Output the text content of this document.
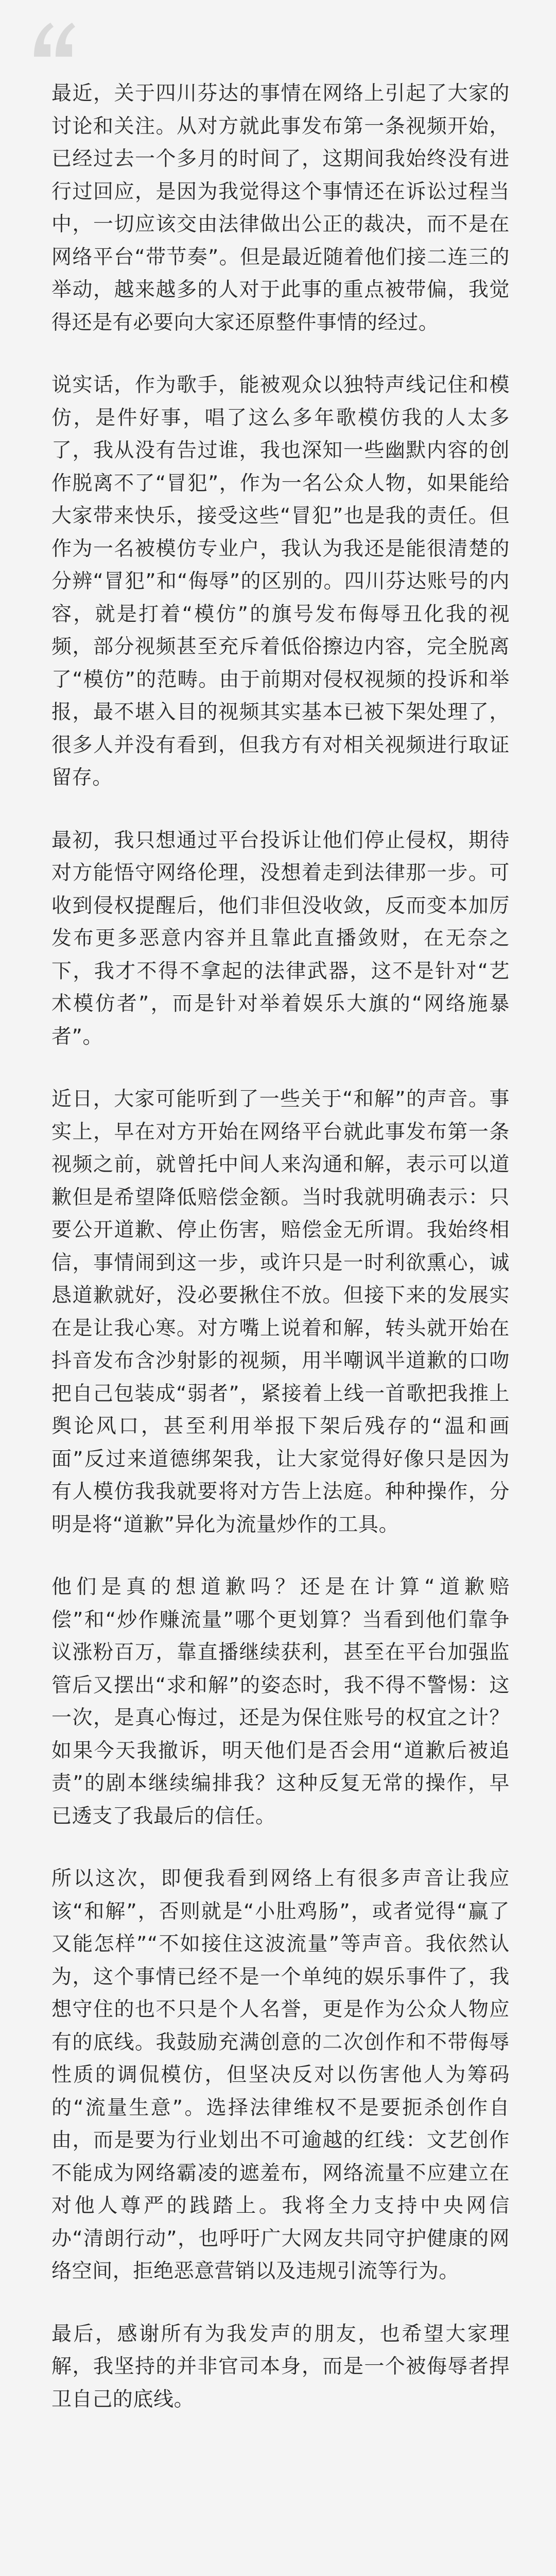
最近，关于四川芬达的事情在网络上引起了大家的讨论和关注。从对方就此事发布第一条视频开始，已经过去一个多月的时间了，这期间我始终没有进行过回应，是因为我觉得这个事情还在诉讼过程当中，一切应该交由法律做出公正的裁决，而不是在网络平台“带节奏”。但是最近随着他们接二连三的举动，越来越多的人对于此事的重点被带偏，我觉得还是有必要向大家还原整件事情的经过。

说实话，作为歌手，能被观众以独特声线记住和模仿，是件好事，唱了这么多年歌模仿我的人太多了，我从没有告过谁，我也深知一些幽默内容的创作脱离不了“冒犯”，作为一名公众人物，如果能给大家带来快乐，接受这些“冒犯”也是我的责任。但作为一名被模仿专业户，我认为我还是能很清楚的分辨“冒犯”和“侮辱”的区别的。四川芬达账号的内容，就是打着“模仿”的旗号发布侮辱丑化我的视频，部分视频甚至充斥着低俗擦边内容，完全脱离了“模仿”的范畴。由于前期对侵权视频的投诉和举报，最不堪入目的视频其实基本已被下架处理了，很多人并没有看到，但我方有对相关视频进行取证留存。

最初，我只想通过平台投诉让他们停止侵权，期待对方能悟守网络伦理，没想着走到法律那一步。可收到侵权提醒后，他们非但没收敛，反而变本加厉发布更多恶意内容并且靠此直播敛财，在无奈之下，我才不得不拿起的法律武器，这不是针对“艺术模仿者”，而是针对举着娱乐大旗的“网络施暴者”。

近日，大家可能听到了一些关于“和解”的声音。事实上，早在对方开始在网络平台就此事发布第一条视频之前，就曾托中间人来沟通和解，表示可以道歉但是希望降低赔偿金额。当时我就明确表示：只要公开道歉、停止伤害，赔偿金无所谓。我始终相信，事情闹到这一步，或许只是一时利欲熏心，诚恳道歉就好，没必要揪住不放。但接下来的发展实在是让我心寒。对方嘴上说着和解，转头就开始在抖音发布含沙射影的视频，用半嘲讽半道歉的口吻把自己包装成“弱者”，紧接着上线一首歌把我推上舆论风口，甚至利用举报下架后残存的“温和画面”反过来道德绑架我，让大家觉得好像只是因为有人模仿我我就要将对方告上法庭。种种操作，分明是将“道歉”异化为流量炒作的工具。

他们是真的想道歉吗？还是在计算“道歉赔偿”和“炒作赚流量”哪个更划算？当看到他们靠争议涨粉百万，靠直播继续获利，甚至在平台加强监管后又摆出“求和解”的姿态时，我不得不警惕：这一次，是真心悔过，还是为保住账号的权宜之计？如果今天我撤诉，明天他们是否会用“道歉后被追责”的剧本继续编排我？这种反复无常的操作，早已透支了我最后的信任。

所以这次，即便我看到网络上有很多声音让我应该“和解”，否则就是“小肚鸡肠”，或者觉得“赢了又能怎样”“不如接住这波流量”等声音。我依然认为，这个事情已经不是一个单纯的娱乐事件了，我想守住的也不只是个人名誉，更是作为公众人物应有的底线。我鼓励充满创意的二次创作和不带侮辱性质的调侃模仿，但坚决反对以伤害他人为筹码的“流量生意”。选择法律维权不是要扼杀创作自由，而是要为行业划出不可逾越的红线：文艺创作不能成为网络霸凌的遮羞布，网络流量不应建立在对他人尊严的践踏上。我将全力支持中央网信办“清朗行动”，也呼吁广大网友共同守护健康的网络空间，拒绝恶意营销以及违规引流等行为。

最后，感谢所有为我发声的朋友，也希望大家理解，我坚持的并非官司本身，而是一个被侮辱者捍卫自己的底线。
